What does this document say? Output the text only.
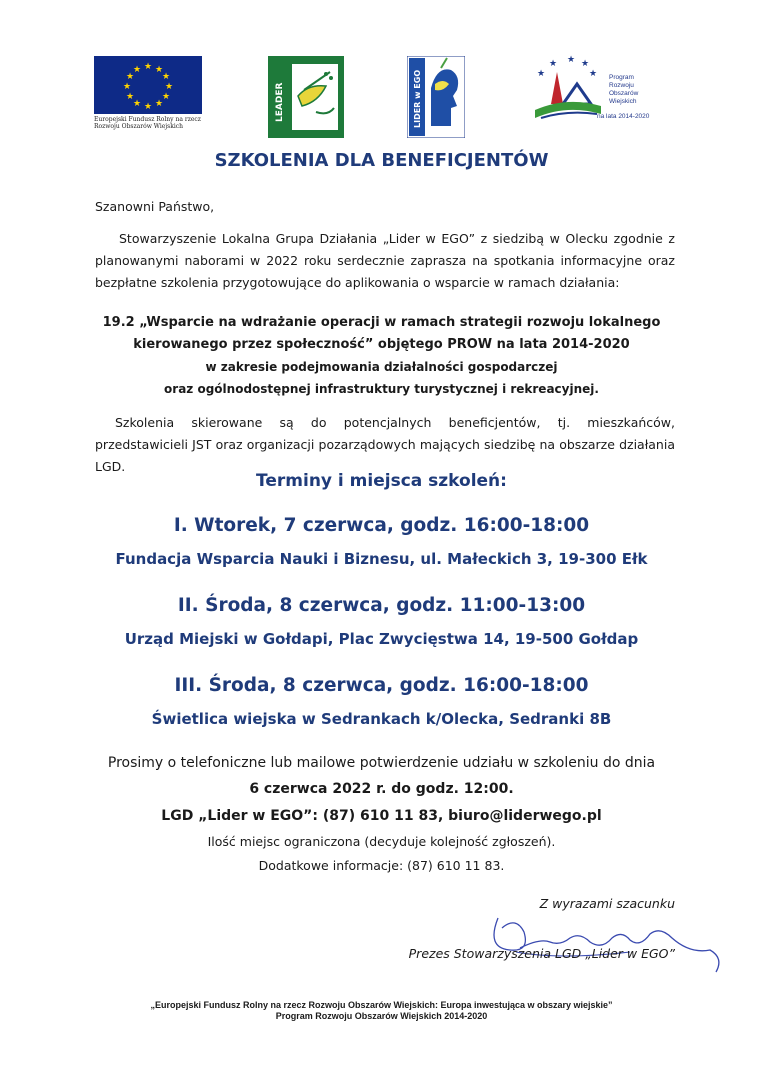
★ ★
★
★
★
★
★
★
★
★
★
★
Europejski Fundusz Rolny na rzecz
Rozwoju Obszarów Wiejskich
LEADER	LIDER w EGO	★
★ ★ ★
★ Program
Rozwoju
Obszarów
Wiejskich
na lata 2014-2020
SZKOLENIA DLA BENEFICJENTÓW

Szanowni Państwo,

Stowarzyszenie Lokalna Grupa Działania „Lider w EGO” z siedzibą w Olecku zgodnie z planowanymi naborami w 2022 roku serdecznie zaprasza na spotkania informacyjne oraz bezpłatne szkolenia przygotowujące do aplikowania o wsparcie w ramach działania:

19.2 „Wsparcie na wdrażanie operacji w ramach strategii rozwoju lokalnego
kierowanego przez społeczność” objętego PROW na lata 2014-2020
w zakresie podejmowania działalności gospodarczej
oraz ogólnodostępnej infrastruktury turystycznej i rekreacyjnej.

Szkolenia skierowane są do potencjalnych beneficjentów, tj. mieszkańców, przedstawicieli JST oraz organizacji pozarządowych mających siedzibę na obszarze działania LGD.

Terminy i miejsca szkoleń:
I. Wtorek, 7 czerwca, godz. 16:00-18:00
Fundacja Wsparcia Nauki i Biznesu, ul. Małeckich 3, 19-300 Ełk
II. Środa, 8 czerwca, godz. 11:00-13:00
Urząd Miejski w Gołdapi, Plac Zwycięstwa 14, 19-500 Gołdap
III. Środa, 8 czerwca, godz. 16:00-18:00
Świetlica wiejska w Sedrankach k/Olecka, Sedranki 8B
Prosimy o telefoniczne lub mailowe potwierdzenie udziału w szkoleniu do dnia
6 czerwca 2022 r. do godz. 12:00.
LGD „Lider w EGO”: (87) 610 11 83, biuro@liderwego.pl
Ilość miejsc ograniczona (decyduje kolejność zgłoszeń).
Dodatkowe informacje: (87) 610 11 83.

Z wyrazami szacunku

Prezes Stowarzyszenia LGD „Lider w EGO”

„Europejski Fundusz Rolny na rzecz Rozwoju Obszarów Wiejskich: Europa inwestująca w obszary wiejskie”
Program Rozwoju Obszarów Wiejskich 2014-2020
